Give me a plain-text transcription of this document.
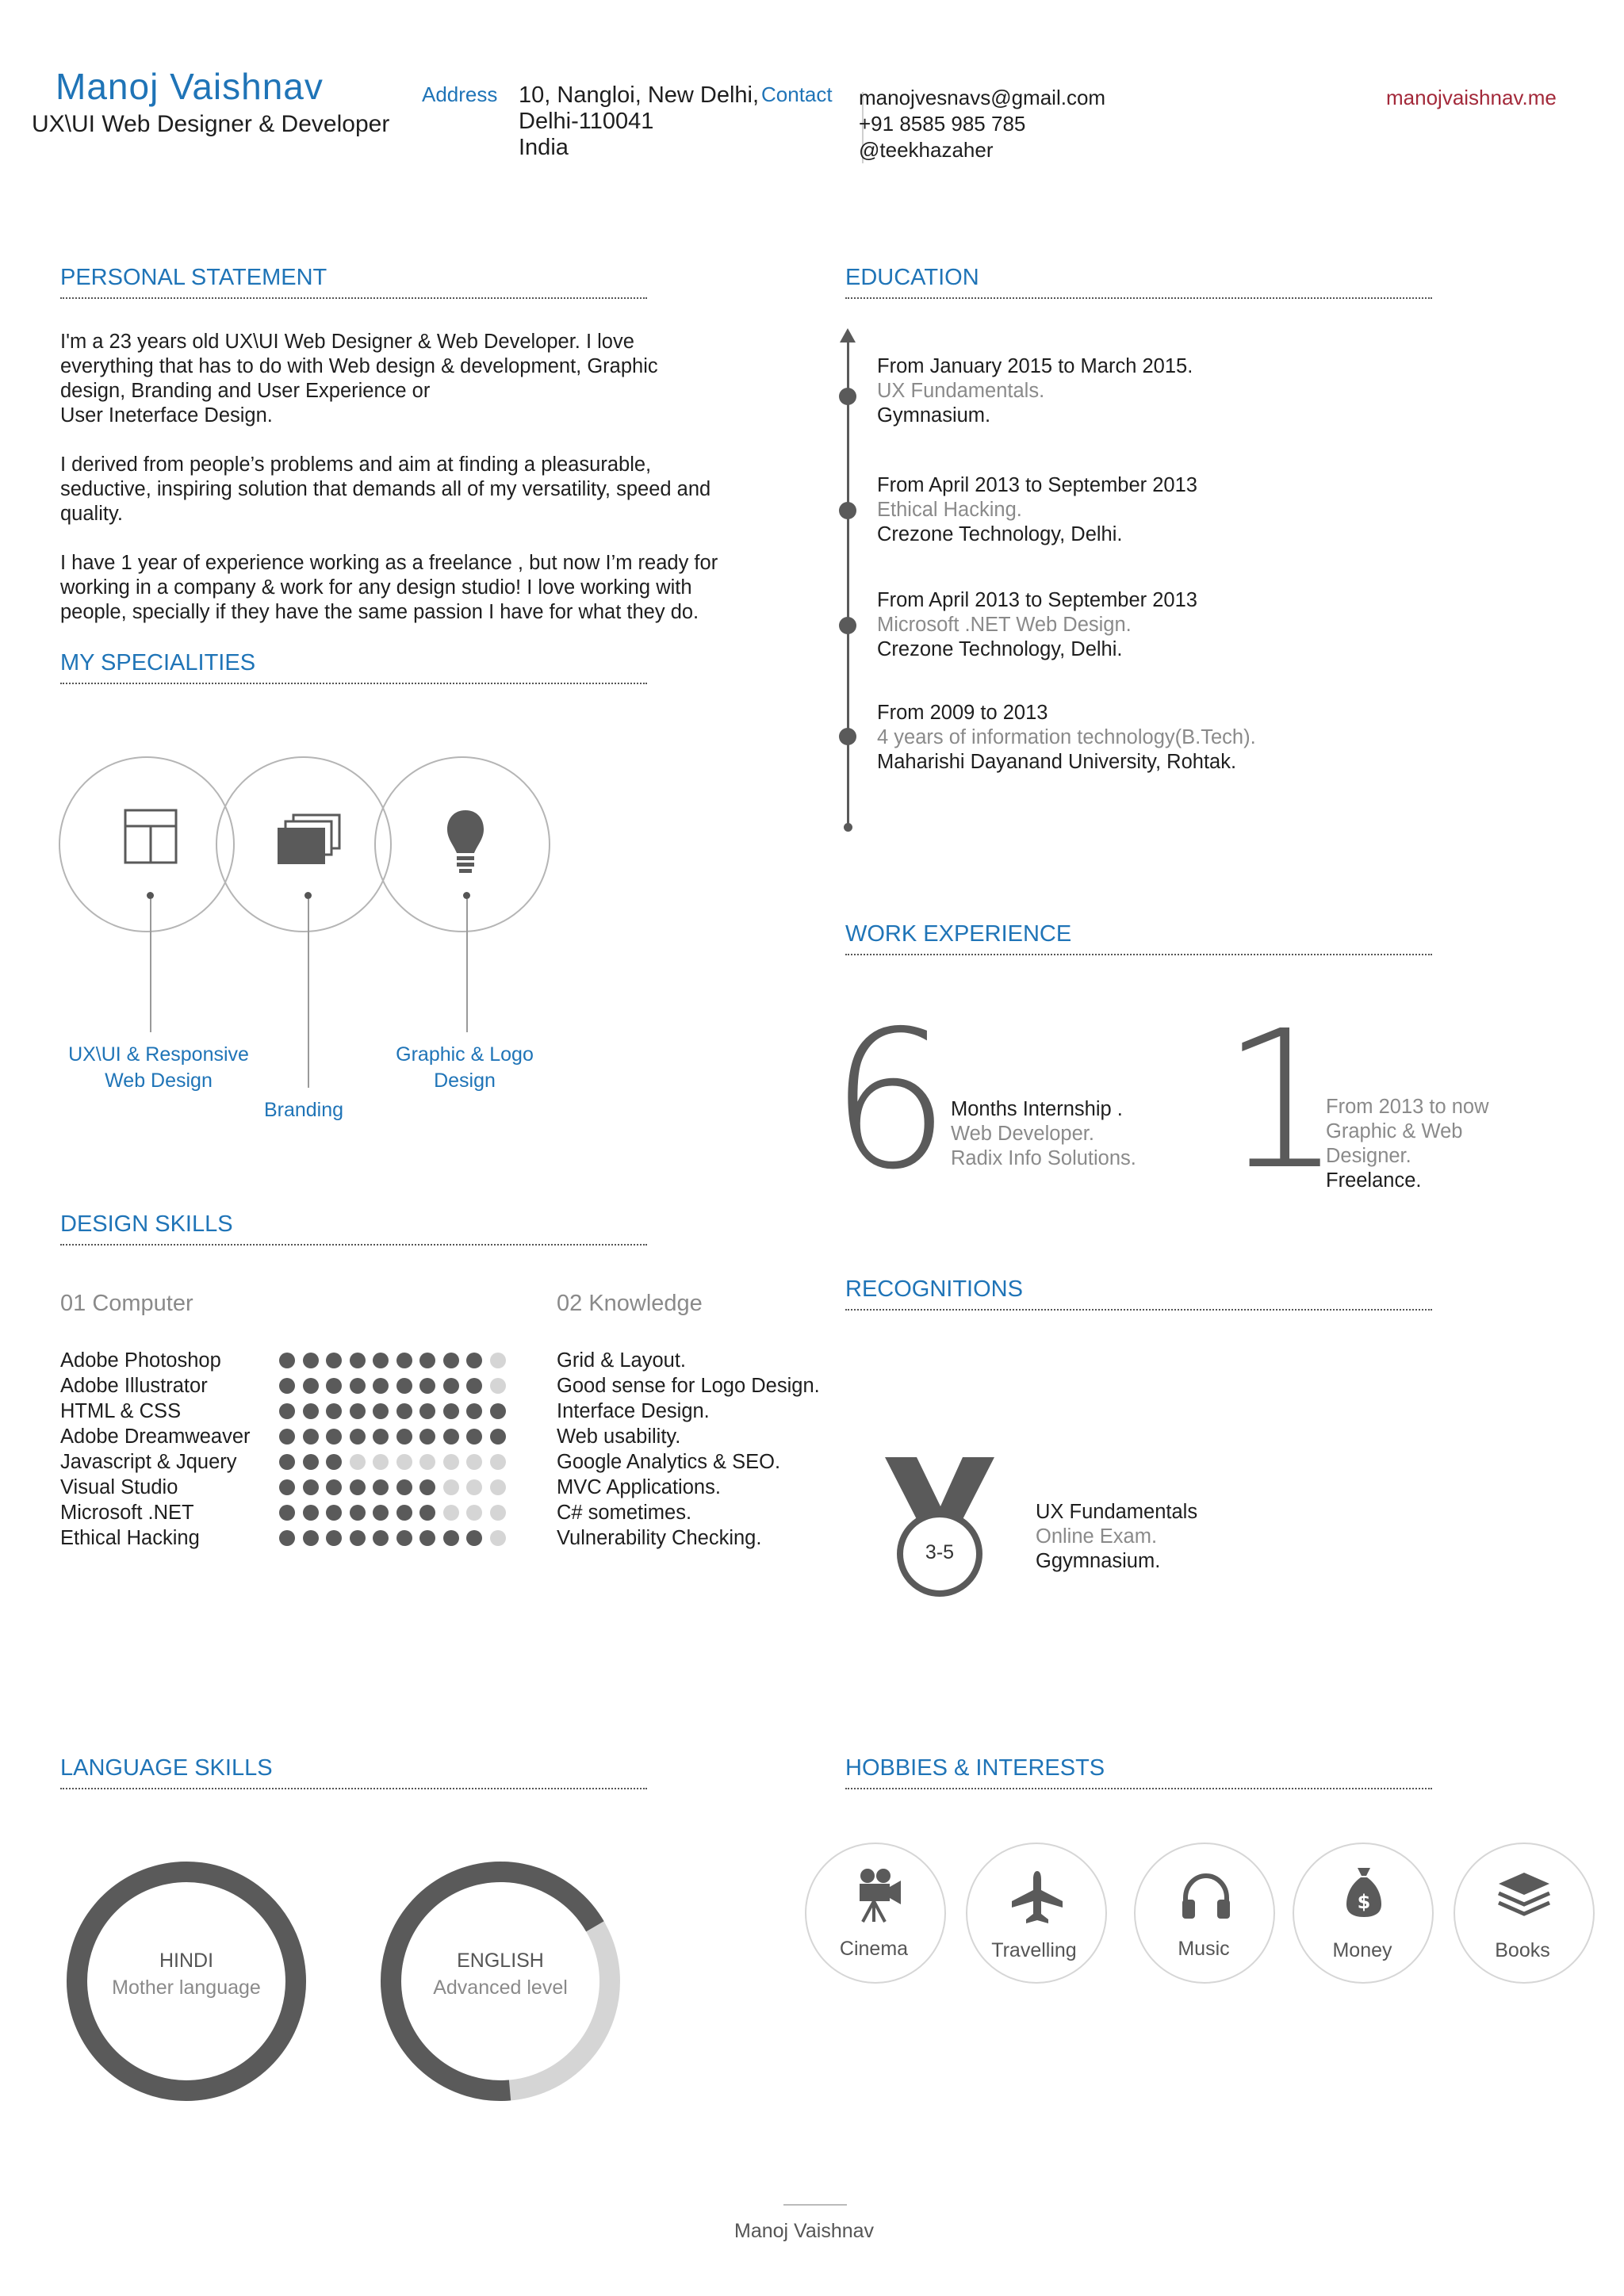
Manoj Vaishnav
UX\UI Web Designer & Developer
Address 10, Nangloi, New Delhi,
Delhi-110041
India
Contact manojvesnavs@gmail.com
+91 8585 985 785
@teekhazaher
manojvaishnav.me
PERSONAL STATEMENT
I'm a 23 years old UX\UI Web Designer & Web Developer. I love
everything that has to do with Web design & development, Graphic
design, Branding and User Experience or
User Ineterface Design.
I derived from people’s problems and aim at finding a pleasurable,
seductive, inspiring solution that demands all of my versatility, speed and
quality.
I have 1 year of experience working as a freelance , but now I’m ready for
working in a company & work for any design studio! I love working with
people, specially if they have the same passion I have for what they do.
MY SPECIALITIES
UX\UI & Responsive
Web Design
Branding
Graphic & Logo
Design
DESIGN SKILLS
01 Computer	02 Knowledge
Adobe Photoshop
Adobe Illustrator
HTML & CSS
Adobe Dreamweaver
Javascript & Jquery
Visual Studio
Microsoft .NET
Ethical Hacking
Grid & Layout.
Good sense for Logo Design.
Interface Design.
Web usability.
Google Analytics & SEO.
MVC Applications.
C# sometimes.
Vulnerability Checking.
EDUCATION
From January 2015 to March 2015.
UX Fundamentals.
Gymnasium.
From April 2013 to September 2013
Ethical Hacking.
Crezone Technology, Delhi.
From April 2013 to September 2013
Microsoft .NET Web Design.
Crezone Technology, Delhi.
From 2009 to 2013
4 years of information technology(B.Tech).
Maharishi Dayanand University, Rohtak.
WORK EXPERIENCE
6 Months Internship .
Web Developer.
Radix Info Solutions. 1
From 2013 to now
Graphic & Web
Designer.
Freelance.
RECOGNITIONS
3-5
UX Fundamentals
Online Exam.
Ggymnasium.
LANGUAGE SKILLS
HINDI
Mother language
ENGLISH
Advanced level
HOBBIES & INTERESTS
$
Cinema	Travelling	Music	Money	Books
Manoj Vaishnav
